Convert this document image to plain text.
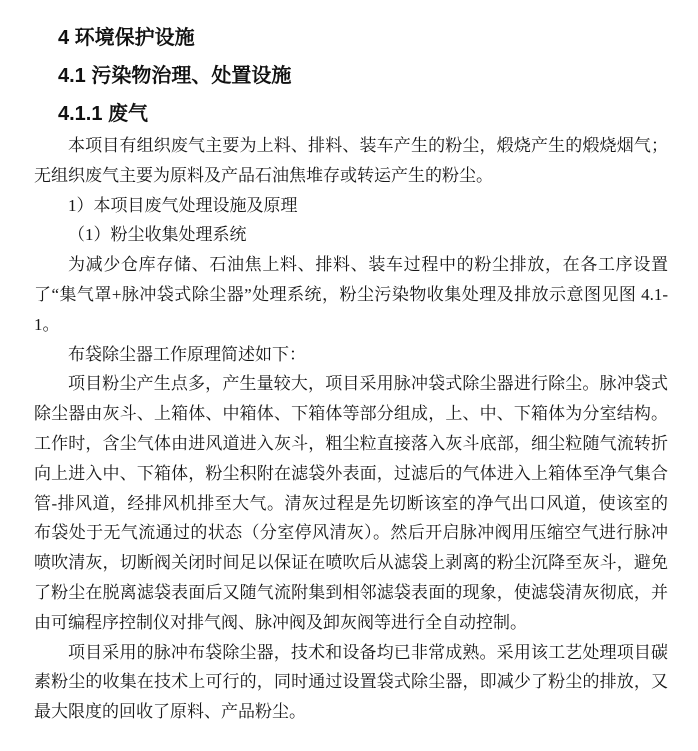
4 环境保护设施
4.1 污染物治理、处置设施
4.1.1 废气

本项目有组织废气主要为上料、排料、装车产生的粉尘，煅烧产生的煅烧烟气；无组织废气主要为原料及产品石油焦堆存或转运产生的粉尘。

1）本项目废气处理设施及原理

（1）粉尘收集处理系统

为减少仓库存储、石油焦上料、排料、装车过程中的粉尘排放，在各工序设置了“集气罩+脉冲袋式除尘器”处理系统，粉尘污染物收集处理及排放示意图见图 4.1-1。

布袋除尘器工作原理简述如下：

项目粉尘产生点多，产生量较大，项目采用脉冲袋式除尘器进行除尘。脉冲袋式除尘器由灰斗、上箱体、中箱体、下箱体等部分组成，上、中、下箱体为分室结构。工作时，含尘气体由进风道进入灰斗，粗尘粒直接落入灰斗底部，细尘粒随气流转折向上进入中、下箱体，粉尘积附在滤袋外表面，过滤后的气体进入上箱体至净气集合管-排风道，经排风机排至大气。清灰过程是先切断该室的净气出口风道，使该室的布袋处于无气流通过的状态（分室停风清灰）。然后开启脉冲阀用压缩空气进行脉冲喷吹清灰，切断阀关闭时间足以保证在喷吹后从滤袋上剥离的粉尘沉降至灰斗，避免了粉尘在脱离滤袋表面后又随气流附集到相邻滤袋表面的现象，使滤袋清灰彻底，并由可编程序控制仪对排气阀、脉冲阀及卸灰阀等进行全自动控制。

项目采用的脉冲布袋除尘器，技术和设备均已非常成熟。采用该工艺处理项目碳素粉尘的收集在技术上可行的，同时通过设置袋式除尘器，即减少了粉尘的排放，又最大限度的回收了原料、产品粉尘。
